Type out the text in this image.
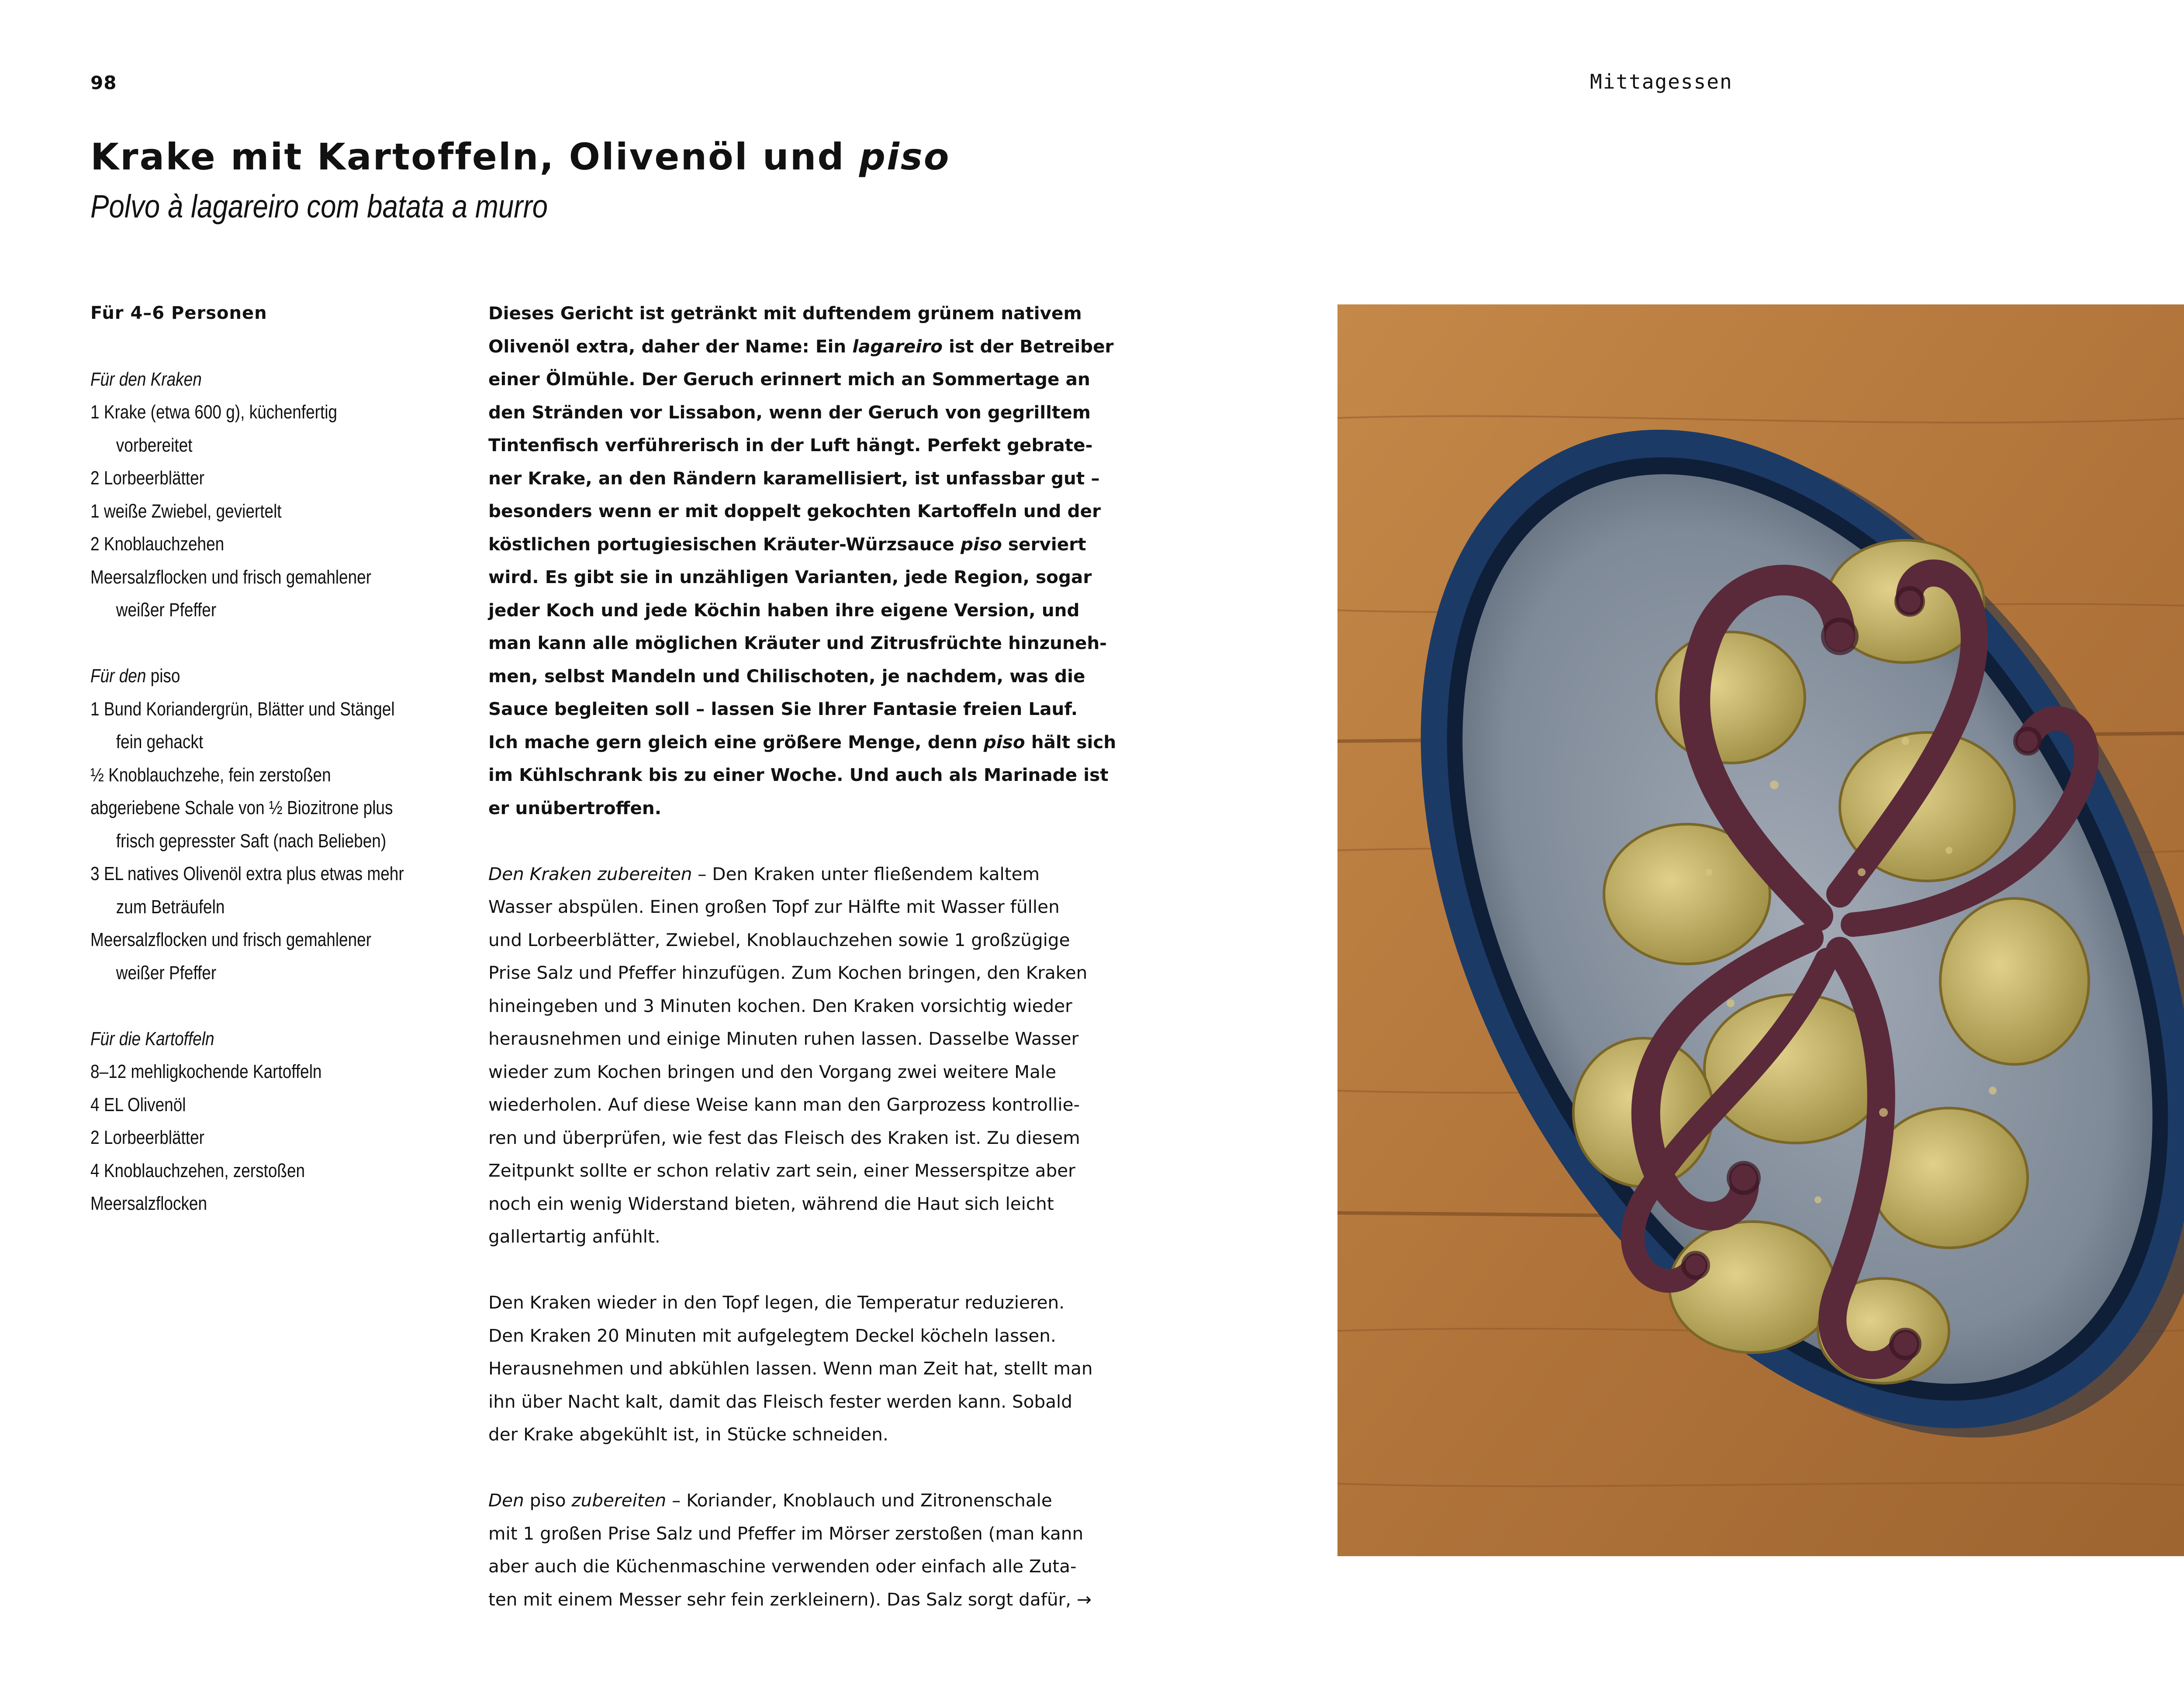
98	Mittagessen
Krake mit Kartoffeln, Olivenöl und piso
Polvo à lagareiro com batata a murro
Für 4–6 Personen
Für den Kraken
1 Krake (etwa 600 g), küchenfertig
vorbereitet
2 Lorbeerblätter
1 weiße Zwiebel, geviertelt
2 Knoblauchzehen
Meersalzflocken und frisch gemahlener
weißer Pfeffer
Für den piso
1 Bund Koriandergrün, Blätter und Stängel
fein gehackt
½ Knoblauchzehe, fein zerstoßen
abgeriebene Schale von ½ Biozitrone plus
frisch gepresster Saft (nach Belieben)
3 EL natives Olivenöl extra plus etwas mehr
zum Beträufeln
Meersalzflocken und frisch gemahlener
weißer Pfeffer
Für die Kartoffeln
8–12 mehligkochende Kartoffeln
4 EL Olivenöl
2 Lorbeerblätter
4 Knoblauchzehen, zerstoßen
Meersalzflocken
Dieses Gericht ist getränkt mit duftendem grünem nativem
Olivenöl extra, daher der Name: Ein lagareiro ist der Betreiber
einer Ölmühle. Der Geruch erinnert mich an Sommertage an
den Stränden vor Lissabon, wenn der Geruch von gegrilltem
Tintenfisch verführerisch in der Luft hängt. Perfekt gebrate-
ner Krake, an den Rändern karamellisiert, ist unfassbar gut –
besonders wenn er mit doppelt gekochten Kartoffeln und der
köstlichen portugiesischen Kräuter-Würzsauce piso serviert
wird. Es gibt sie in unzähligen Varianten, jede Region, sogar
jeder Koch und jede Köchin haben ihre eigene Version, und
man kann alle möglichen Kräuter und Zitrusfrüchte hinzuneh-
men, selbst Mandeln und Chilischoten, je nachdem, was die
Sauce begleiten soll – lassen Sie Ihrer Fantasie freien Lauf.
Ich mache gern gleich eine größere Menge, denn piso hält sich
im Kühlschrank bis zu einer Woche. Und auch als Marinade ist
er unübertroffen.
Den Kraken zubereiten – Den Kraken unter fließendem kaltem
Wasser abspülen. Einen großen Topf zur Hälfte mit Wasser füllen
und Lorbeerblätter, Zwiebel, Knoblauchzehen sowie 1 großzügige
Prise Salz und Pfeffer hinzufügen. Zum Kochen bringen, den Kraken
hineingeben und 3 Minuten kochen. Den Kraken vorsichtig wieder
herausnehmen und einige Minuten ruhen lassen. Dasselbe Wasser
wieder zum Kochen bringen und den Vorgang zwei weitere Male
wiederholen. Auf diese Weise kann man den Garprozess kontrollie-
ren und überprüfen, wie fest das Fleisch des Kraken ist. Zu diesem
Zeitpunkt sollte er schon relativ zart sein, einer Messerspitze aber
noch ein wenig Widerstand bieten, während die Haut sich leicht
gallertartig anfühlt.
Den Kraken wieder in den Topf legen, die Temperatur reduzieren.
Den Kraken 20 Minuten mit aufgelegtem Deckel köcheln lassen.
Herausnehmen und abkühlen lassen. Wenn man Zeit hat, stellt man
ihn über Nacht kalt, damit das Fleisch fester werden kann. Sobald
der Krake abgekühlt ist, in Stücke schneiden.
Den piso zubereiten – Koriander, Knoblauch und Zitronenschale
mit 1 großen Prise Salz und Pfeffer im Mörser zerstoßen (man kann
aber auch die Küchenmaschine verwenden oder einfach alle Zuta-
ten mit einem Messer sehr fein zerkleinern). Das Salz sorgt dafür, →
